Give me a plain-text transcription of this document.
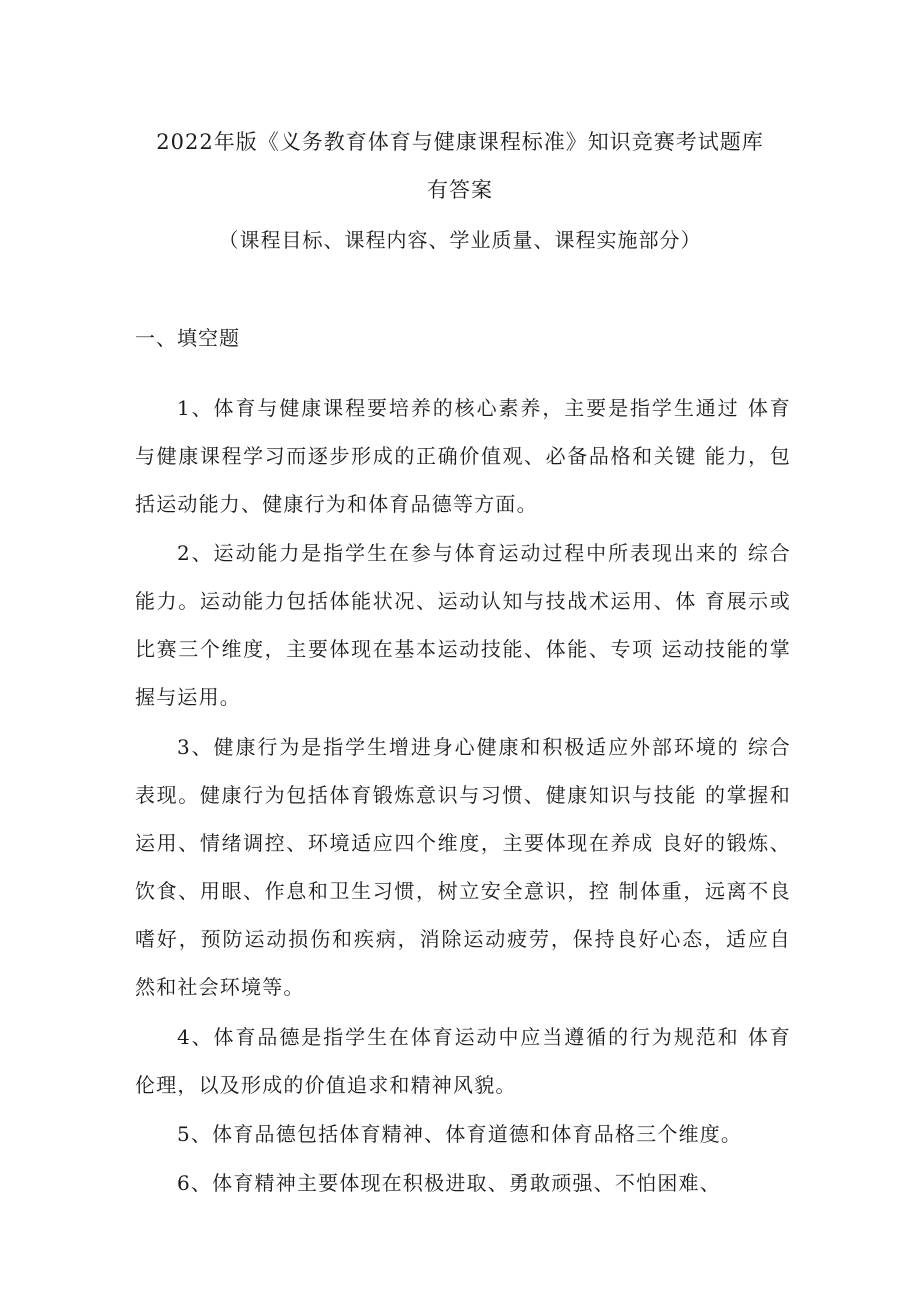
2022年版《义务教育体育与健康课程标准》知识竞赛考试题库
有答案
（课程目标、课程内容、学业质量、课程实施部分）
一、填空题

1、体育与健康课程要培养的核心素养，主要是指学生通过 体育与健康课程学习而逐步形成的正确价值观、必备品格和关键 能力，包括运动能力、健康行为和体育品德等方面。

2、运动能力是指学生在参与体育运动过程中所表现出来的 综合能力。运动能力包括体能状况、运动认知与技战术运用、体 育展示或比赛三个维度，主要体现在基本运动技能、体能、专项 运动技能的掌握与运用。

3、健康行为是指学生增进身心健康和积极适应外部环境的 综合表现。健康行为包括体育锻炼意识与习惯、健康知识与技能 的掌握和运用、情绪调控、环境适应四个维度，主要体现在养成 良好的锻炼、饮食、用眼、作息和卫生习惯，树立安全意识，控 制体重，远离不良嗜好，预防运动损伤和疾病，消除运动疲劳，保持良好心态，适应自然和社会环境等。

4、体育品德是指学生在体育运动中应当遵循的行为规范和 体育伦理，以及形成的价值追求和精神风貌。

5、体育品德包括体育精神、体育道德和体育品格三个维度。

6、体育精神主要体现在积极进取、勇敢顽强、不怕困难、
